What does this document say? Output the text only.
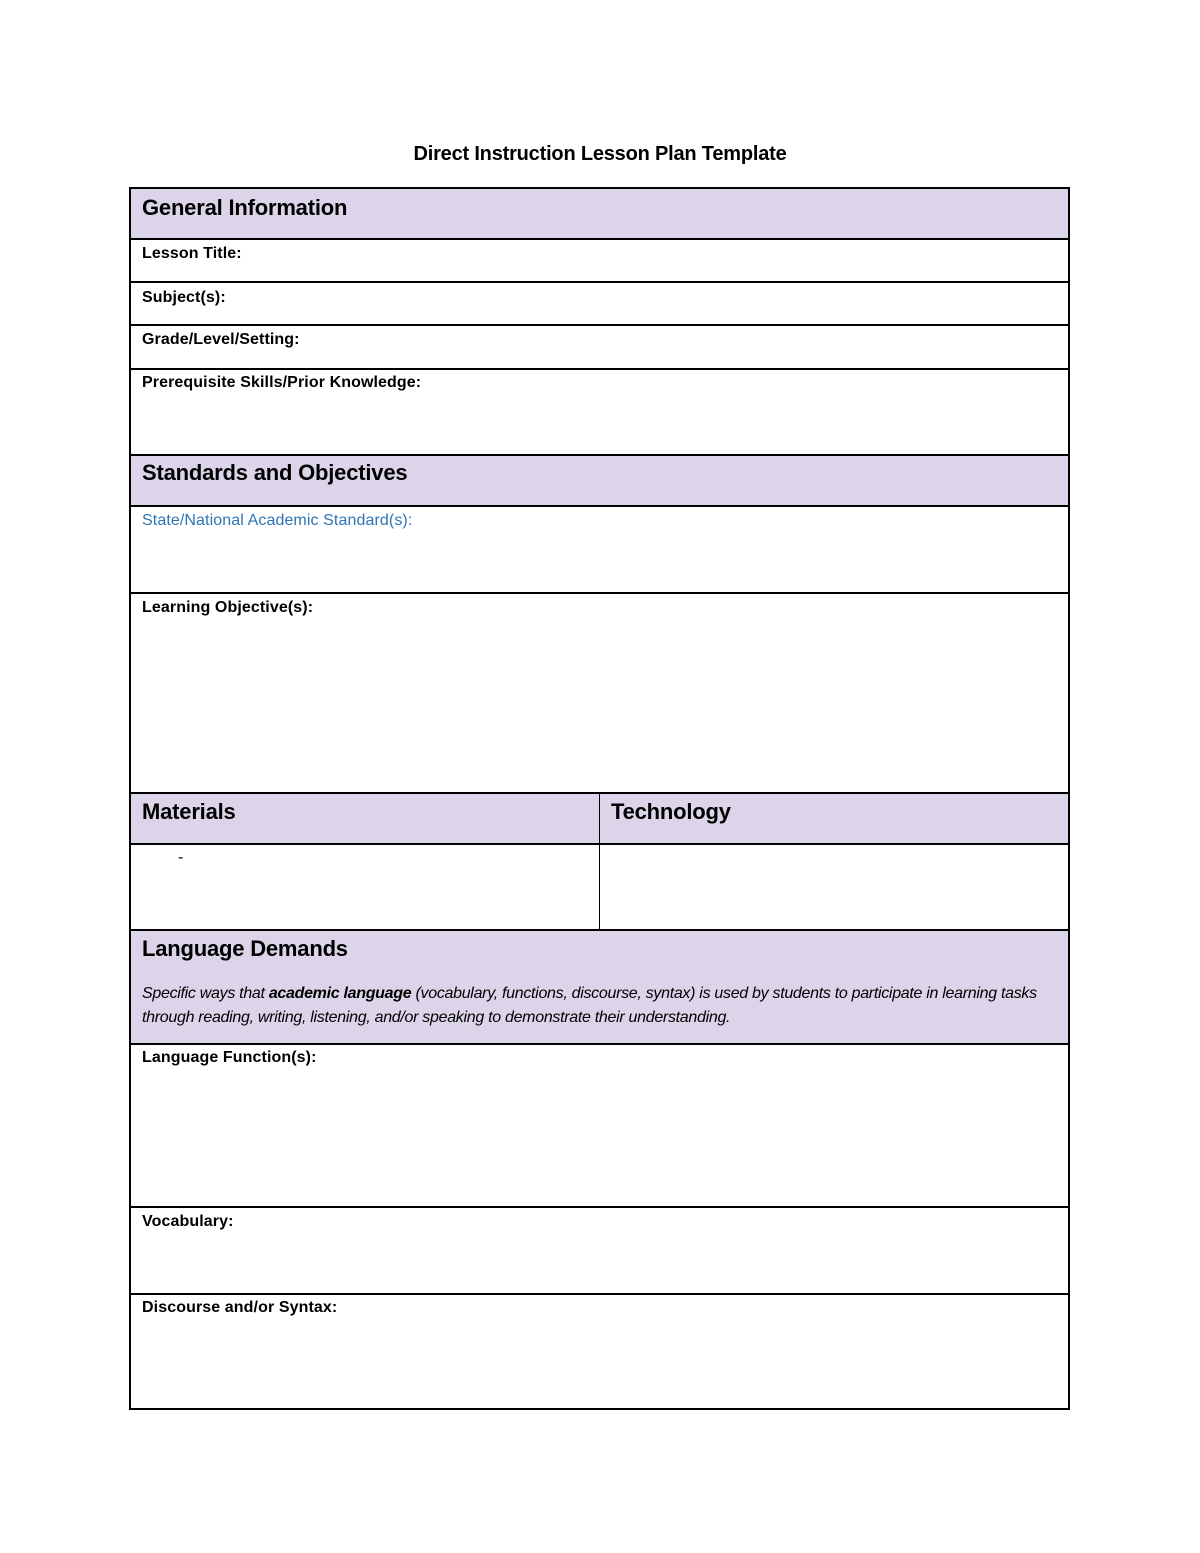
Direct Instruction Lesson Plan Template
General Information
Lesson Title:
Subject(s):
Grade/Level/Setting:
Prerequisite Skills/Prior Knowledge:
Standards and Objectives
State/National Academic Standard(s):
Learning Objective(s):
Materials	Technology
-
Language Demands
Specific ways that academic language (vocabulary, functions, discourse, syntax) is used by students to participate in learning tasks through reading, writing, listening, and/or speaking to demonstrate their understanding.
Language Function(s):
Vocabulary:
Discourse and/or Syntax:
